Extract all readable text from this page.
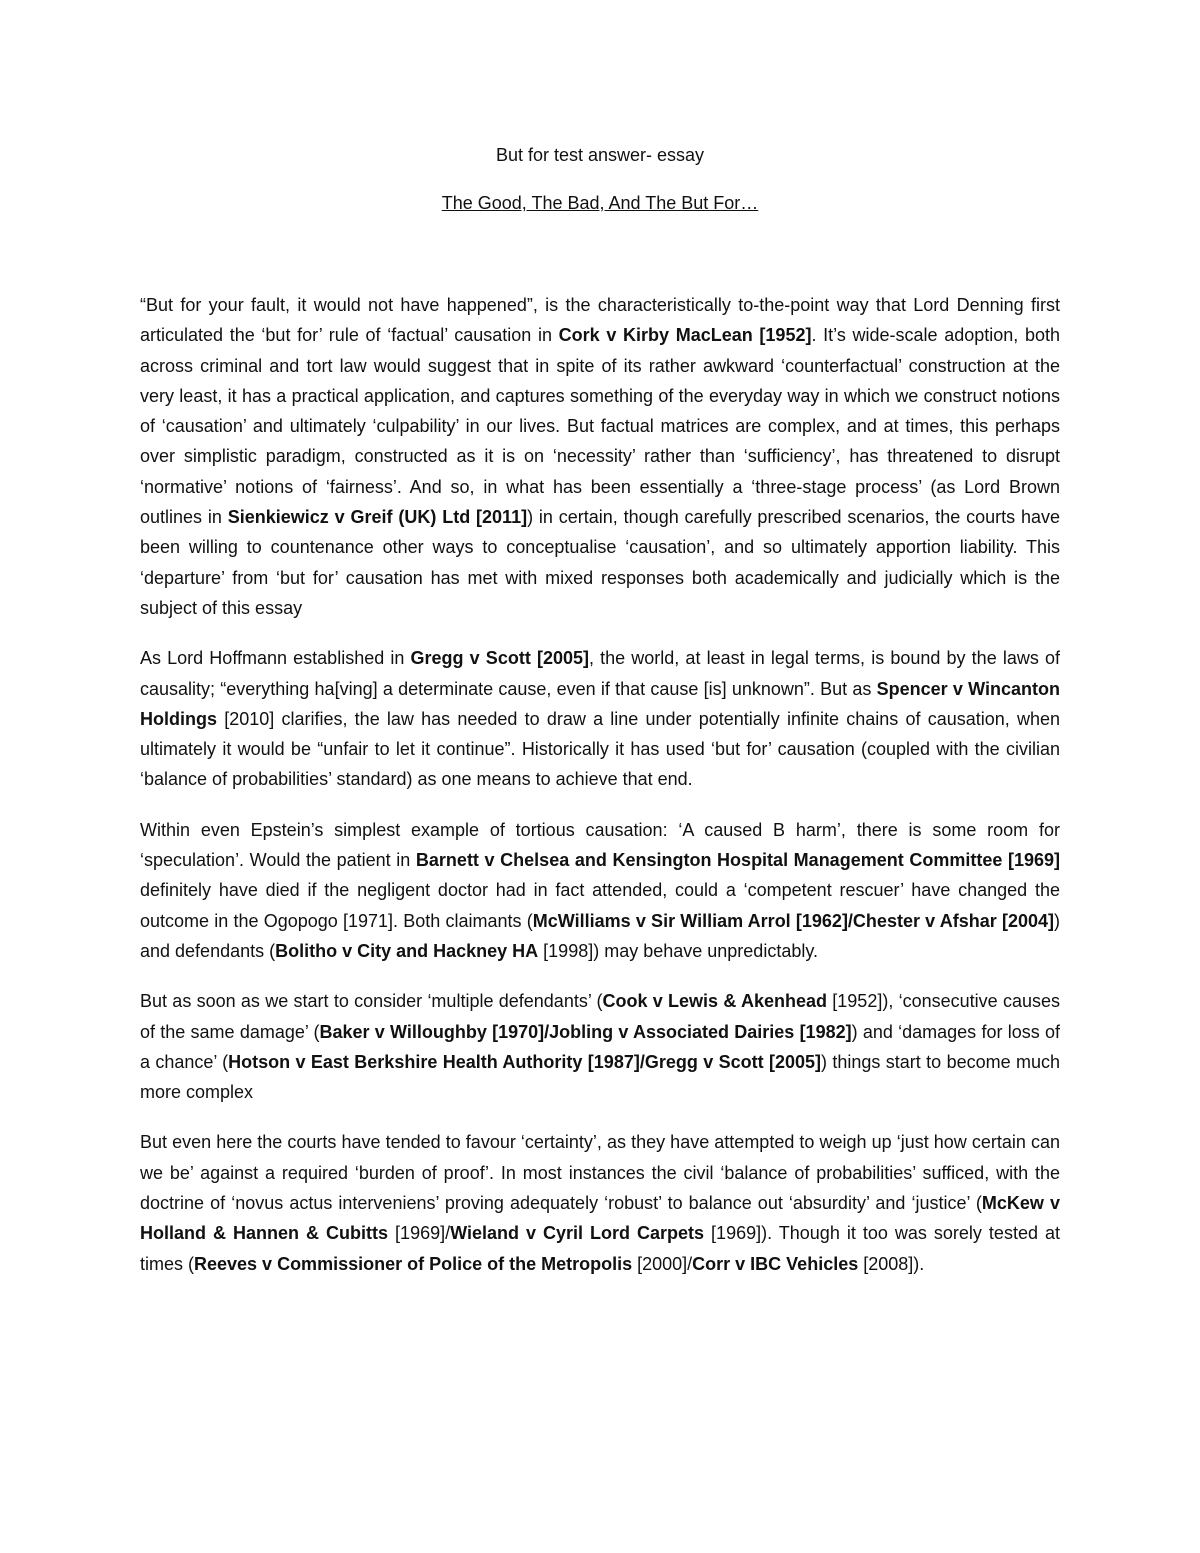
But for test answer- essay
The Good, The Bad, And The But For…

“But for your fault, it would not have happened”, is the characteristically to-the-point way that Lord Denning first articulated the ‘but for’ rule of ‘factual’ causation in Cork v Kirby MacLean [1952]. It’s wide-scale adoption, both across criminal and tort law would suggest that in spite of its rather awkward ‘counterfactual’ construction at the very least, it has a practical application, and captures something of the everyday way in which we construct notions of ‘causation’ and ultimately ‘culpability’ in our lives. But factual matrices are complex, and at times, this perhaps over simplistic paradigm, constructed as it is on ‘necessity’ rather than ‘sufficiency’, has threatened to disrupt ‘normative’ notions of ‘fairness’. And so, in what has been essentially a ‘three-stage process’ (as Lord Brown outlines in Sienkiewicz v Greif (UK) Ltd [2011]) in certain, though carefully prescribed scenarios, the courts have been willing to countenance other ways to conceptualise ‘causation’, and so ultimately apportion liability. This ‘departure’ from ‘but for’ causation has met with mixed responses both academically and judicially which is the subject of this essay

As Lord Hoffmann established in Gregg v Scott [2005], the world, at least in legal terms, is bound by the laws of causality; “everything ha[ving] a determinate cause, even if that cause [is] unknown”. But as Spencer v Wincanton Holdings [2010] clarifies, the law has needed to draw a line under potentially infinite chains of causation, when ultimately it would be “unfair to let it continue”. Historically it has used ‘but for’ causation (coupled with the civilian ‘balance of probabilities’ standard) as one means to achieve that end.

Within even Epstein’s simplest example of tortious causation: ‘A caused B harm’, there is some room for ‘speculation’. Would the patient in Barnett v Chelsea and Kensington Hospital Management Committee [1969] definitely have died if the negligent doctor had in fact attended, could a ‘competent rescuer’ have changed the outcome in the Ogopogo [1971]. Both claimants (McWilliams v Sir William Arrol [1962]/Chester v Afshar [2004]) and defendants (Bolitho v City and Hackney HA [1998]) may behave unpredictably.

But as soon as we start to consider ‘multiple defendants’ (Cook v Lewis & Akenhead [1952]), ‘consecutive causes of the same damage’ (Baker v Willoughby [1970]/Jobling v Associated Dairies [1982]) and ‘damages for loss of a chance’ (Hotson v East Berkshire Health Authority [1987]/Gregg v Scott [2005]) things start to become much more complex

But even here the courts have tended to favour ‘certainty’, as they have attempted to weigh up ‘just how certain can we be’ against a required ‘burden of proof’. In most instances the civil ‘balance of probabilities’ sufficed, with the doctrine of ‘novus actus interveniens’ proving adequately ‘robust’ to balance out ‘absurdity’ and ‘justice’ (McKew v Holland & Hannen & Cubitts [1969]/Wieland v Cyril Lord Carpets [1969]). Though it too was sorely tested at times (Reeves v Commissioner of Police of the Metropolis [2000]/Corr v IBC Vehicles [2008]).
